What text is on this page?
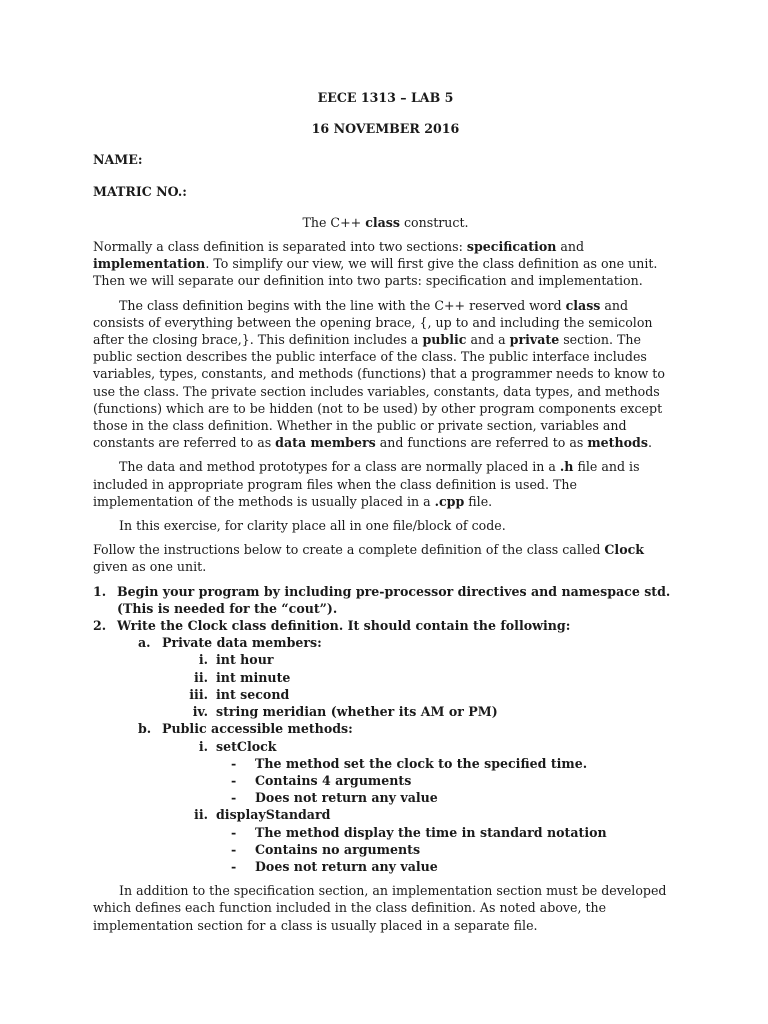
EECE 1313 – LAB 5
16 NOVEMBER 2016
NAME:
MATRIC NO.:

The C++ class construct.

Normally a class definition is separated into two sections: specification and implementation. To simplify our view, we will first give the class definition as one unit. Then we will separate our definition into two parts: specification and implementation.

The class definition begins with the line with the C++ reserved word class and consists of everything between the opening brace, {, up to and including the semicolon after the closing brace,}. This definition includes a public and a private section. The public section describes the public interface of the class. The public interface includes variables, types, constants, and methods (functions) that a programmer needs to know to use the class. The private section includes variables, constants, data types, and methods (functions) which are to be hidden (not to be used) by other program components except those in the class definition. Whether in the public or private section, variables and constants are referred to as data members and functions are referred to as methods.

The data and method prototypes for a class are normally placed in a .h file and is included in appropriate program files when the class definition is used. The implementation of the methods is usually placed in a .cpp file.

In this exercise, for clarity place all in one file/block of code.

Follow the instructions below to create a complete definition of the class called Clock given as one unit.

1. Begin your program by including pre-processor directives and namespace std. (This is needed for the “cout”).
2. Write the Clock class definition. It should contain the following:
a. Private data members:
i. int hour
ii. int minute
iii. int second
iv. string meridian (whether its AM or PM)
b. Public accessible methods:
i. setClock
-	The method set the clock to the specified time.
-	Contains 4 arguments
-	Does not return any value
ii. displayStandard
-	The method display the time in standard notation
-	Contains no arguments
-	Does not return any value

In addition to the specification section, an implementation section must be developed which defines each function included in the class definition. As noted above, the implementation section for a class is usually placed in a separate file.
